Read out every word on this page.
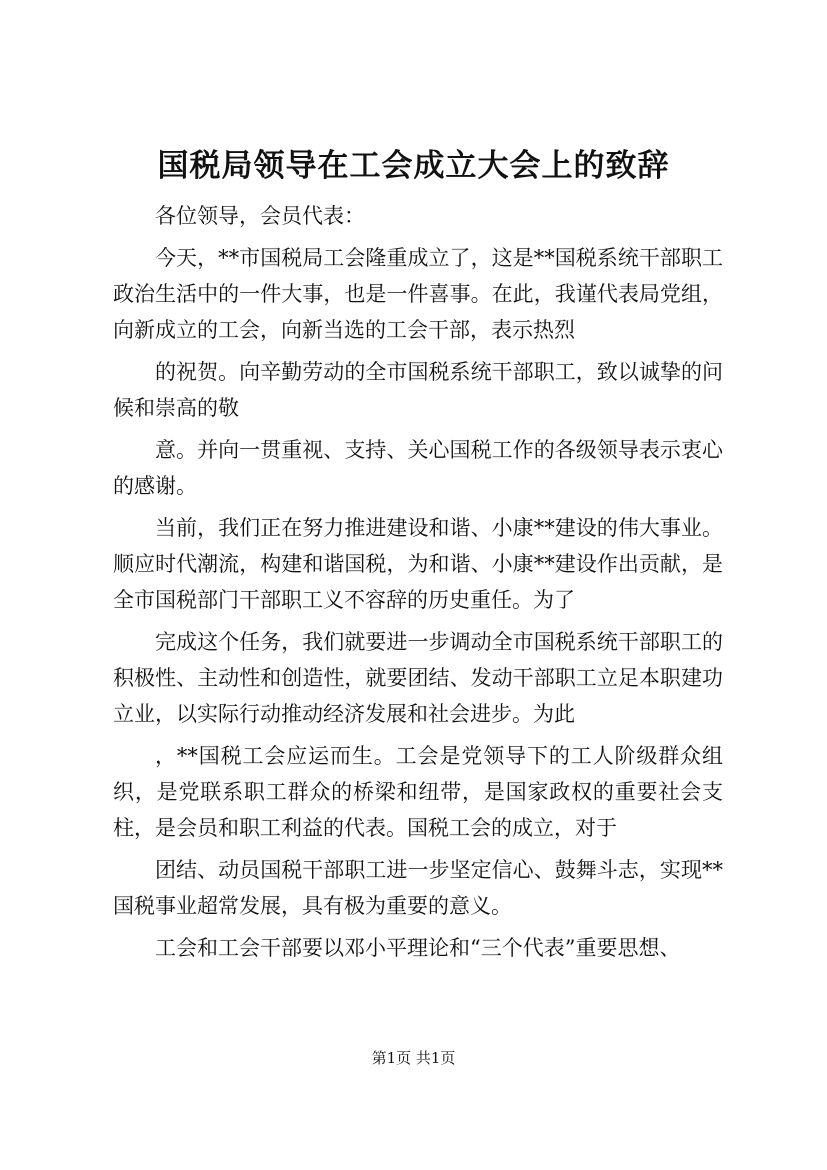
国税局领导在工会成立大会上的致辞

各位领导，会员代表：

今天，**市国税局工会隆重成立了，这是**国税系统干部职工政治生活中的一件大事，也是一件喜事。在此，我谨代表局党组，向新成立的工会，向新当选的工会干部，表示热烈

的祝贺。向辛勤劳动的全市国税系统干部职工，致以诚挚的问候和崇高的敬

意。并向一贯重视、支持、关心国税工作的各级领导表示衷心的感谢。

当前，我们正在努力推进建设和谐、小康**建设的伟大事业。顺应时代潮流，构建和谐国税，为和谐、小康**建设作出贡献，是全市国税部门干部职工义不容辞的历史重任。为了

完成这个任务，我们就要进一步调动全市国税系统干部职工的积极性、主动性和创造性，就要团结、发动干部职工立足本职建功立业，以实际行动推动经济发展和社会进步。为此

，**国税工会应运而生。工会是党领导下的工人阶级群众组织，是党联系职工群众的桥梁和纽带，是国家政权的重要社会支柱，是会员和职工利益的代表。国税工会的成立，对于

团结、动员国税干部职工进一步坚定信心、鼓舞斗志，实现**国税事业超常发展，具有极为重要的意义。

工会和工会干部要以邓小平理论和“三个代表”重要思想、

第1页 共1页
